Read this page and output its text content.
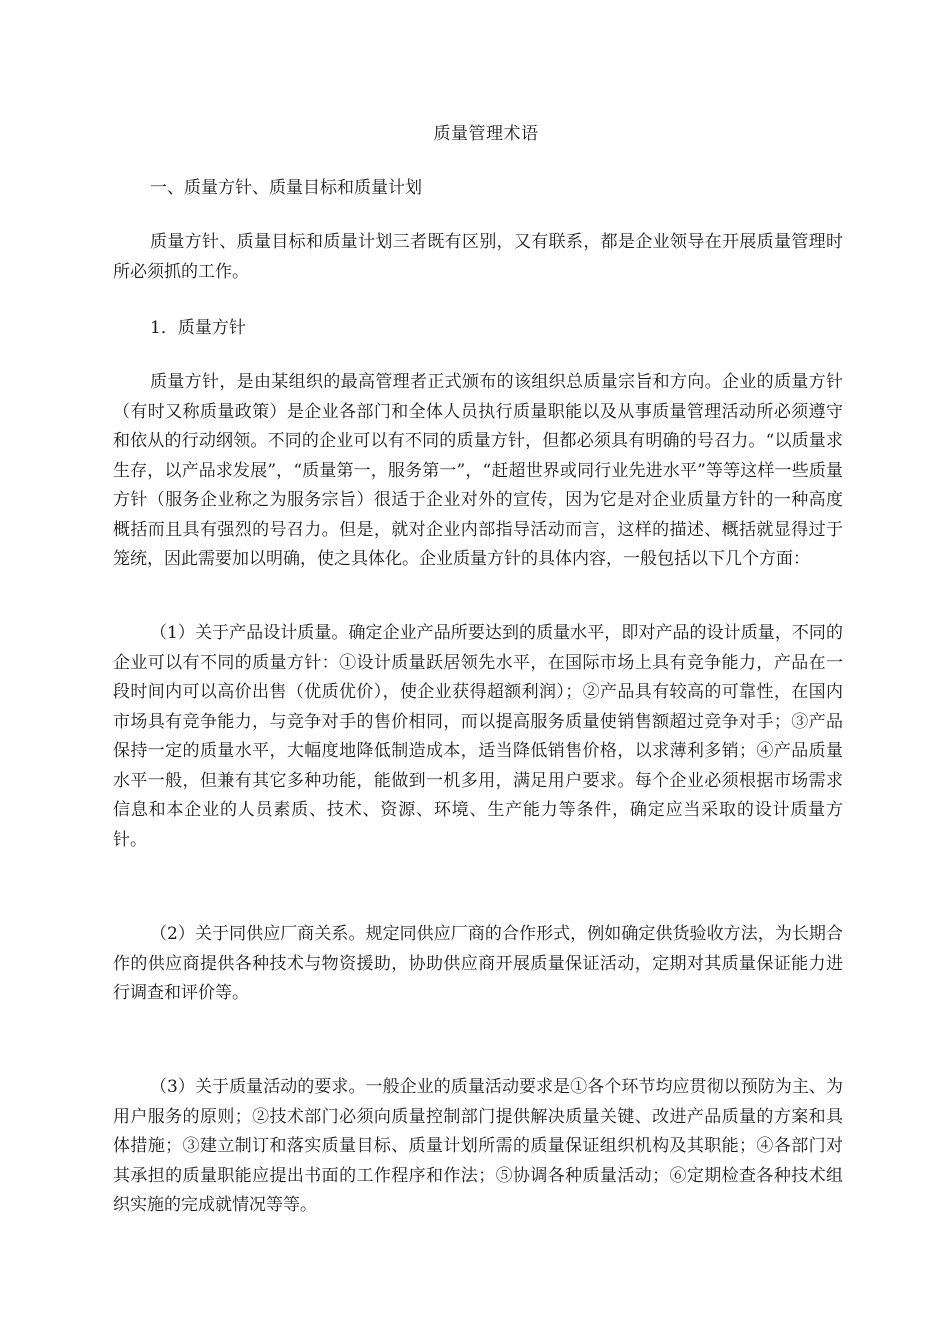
质量管理术语
一、质量方针、质量目标和质量计划

质量方针、质量目标和质量计划三者既有区别，又有联系，都是企业领导在开展质量管理时所必须抓的工作。

1．质量方针

质量方针，是由某组织的最高管理者正式颁布的该组织总质量宗旨和方向。企业的质量方针（有时又称质量政策）是企业各部门和全体人员执行质量职能以及从事质量管理活动所必须遵守和依从的行动纲领。不同的企业可以有不同的质量方针，但都必须具有明确的号召力。“以质量求生存，以产品求发展”，“质量第一，服务第一”，“赶超世界或同行业先进水平”等等这样一些质量方针（服务企业称之为服务宗旨）很适于企业对外的宣传，因为它是对企业质量方针的一种高度概括而且具有强烈的号召力。但是，就对企业内部指导活动而言，这样的描述、概括就显得过于笼统，因此需要加以明确，使之具体化。企业质量方针的具体内容，一般包括以下几个方面：

（1）关于产品设计质量。确定企业产品所要达到的质量水平，即对产品的设计质量，不同的企业可以有不同的质量方针：①设计质量跃居领先水平，在国际市场上具有竞争能力，产品在一段时间内可以高价出售（优质优价），使企业获得超额利润）；②产品具有较高的可靠性，在国内市场具有竞争能力，与竞争对手的售价相同，而以提高服务质量使销售额超过竞争对手；③产品保持一定的质量水平，大幅度地降低制造成本，适当降低销售价格，以求薄利多销；④产品质量水平一般，但兼有其它多种功能，能做到一机多用，满足用户要求。每个企业必须根据市场需求信息和本企业的人员素质、技术、资源、环境、生产能力等条件，确定应当采取的设计质量方针。

（2）关于同供应厂商关系。规定同供应厂商的合作形式，例如确定供货验收方法，为长期合作的供应商提供各种技术与物资援助，协助供应商开展质量保证活动，定期对其质量保证能力进行调查和评价等。

（3）关于质量活动的要求。一般企业的质量活动要求是①各个环节均应贯彻以预防为主、为用户服务的原则；②技术部门必须向质量控制部门提供解决质量关键、改进产品质量的方案和具体措施；③建立制订和落实质量目标、质量计划所需的质量保证组织机构及其职能；④各部门对其承担的质量职能应提出书面的工作程序和作法；⑤协调各种质量活动；⑥定期检查各种技术组织实施的完成就情况等等。
